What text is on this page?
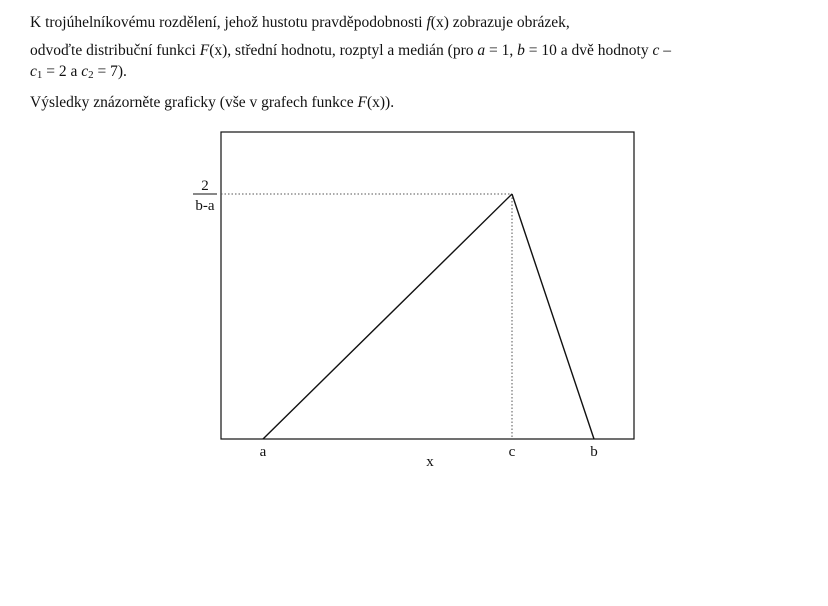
K trojúhelníkovému rozdělení, jehož hustotu pravděpodobnosti f(x) zobrazuje obrázek,

odvoďte distribuční funkci F(x), střední hodnotu, rozptyl a medián (pro a = 1, b = 10 a dvě hodnoty c –
$c_1 = 2$ a $c_2 = 7$).

Výsledky znázorněte graficky (vše v grafech funkce F(x)).

2
b-a
a	c	b
x
